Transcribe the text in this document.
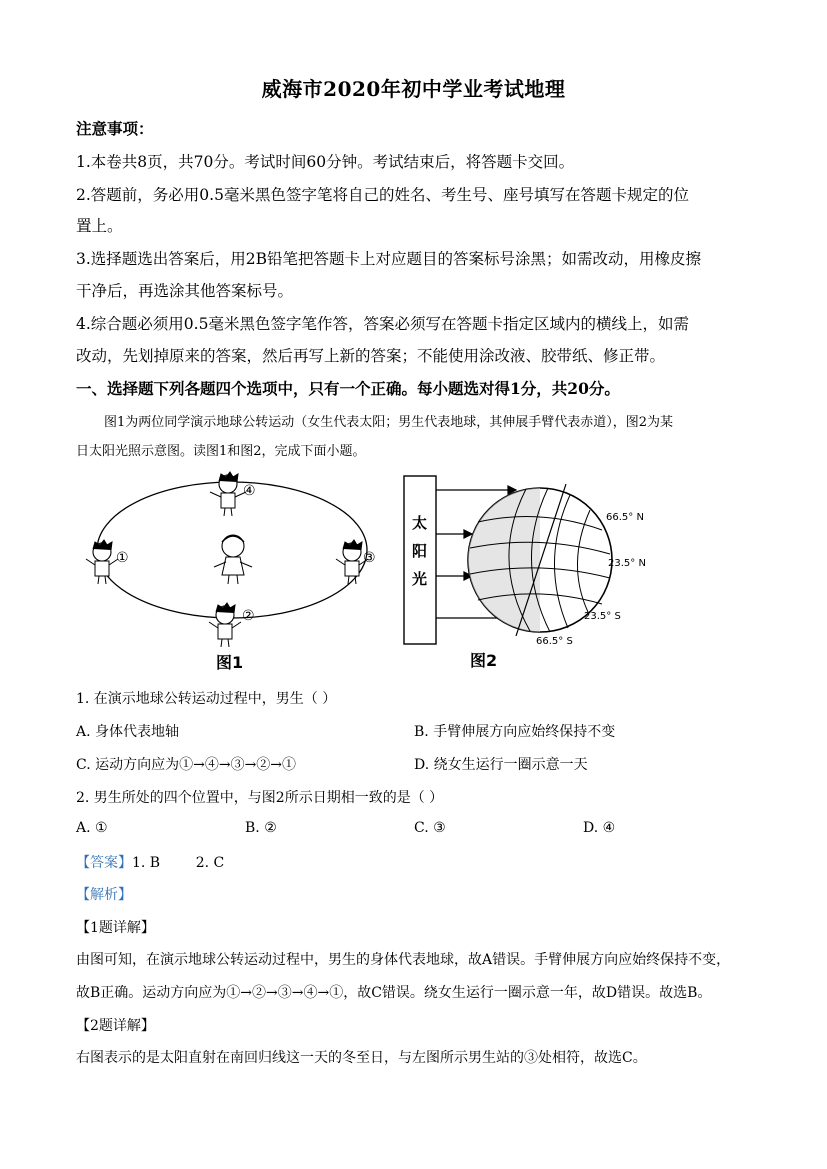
威海市2020年初中学业考试地理
注意事项：
1.本卷共8页，共70分。考试时间60分钟。考试结束后，将答题卡交回。
2.答题前，务必用0.5毫米黑色签字笔将自己的姓名、考生号、座号填写在答题卡规定的位
置上。
3.选择题选出答案后，用2B铅笔把答题卡上对应题目的答案标号涂黑；如需改动，用橡皮擦
干净后，再选涂其他答案标号。
4.综合题必须用0.5毫米黑色签字笔作答，答案必须写在答题卡指定区域内的横线上，如需
改动，先划掉原来的答案，然后再写上新的答案；不能使用涂改液、胶带纸、修正带。
一、选择题下列各题四个选项中，只有一个正确。每小题选对得1分，共20分。
图1为两位同学演示地球公转运动（女生代表太阳；男生代表地球，其伸展手臂代表赤道），图2为某
日太阳光照示意图。读图1和图2，完成下面小题。
①
②
③
④
图1
太
阳
光
66.5° N
23.5° N
23.5° S
66.5° S
图2
1. 在演示地球公转运动过程中，男生（ ）
A. 身体代表地轴	B. 手臂伸展方向应始终保持不变
C. 运动方向应为①→④→③→②→①	D. 绕女生运行一圈示意一天
2. 男生所处的四个位置中，与图2所示日期相一致的是（ ）
A. ①	B. ②	C. ③	D. ④
【答案】1. B        2. C
【解析】
【1题详解】
由图可知，在演示地球公转运动过程中，男生的身体代表地球，故A错误。手臂伸展方向应始终保持不变，
故B正确。运动方向应为①→②→③→④→①，故C错误。绕女生运行一圈示意一年，故D错误。故选B。
【2题详解】
右图表示的是太阳直射在南回归线这一天的冬至日，与左图所示男生站的③处相符，故选C。
